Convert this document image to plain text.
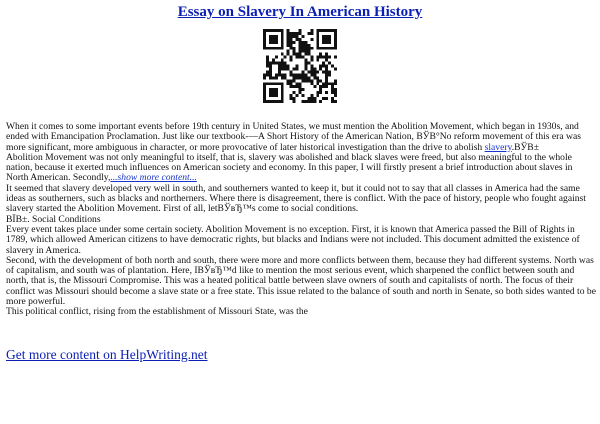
Essay on Slavery In American History

When it comes to some important events before 19th century in United States, we must mention the Abolition Movement, which began in 1930s, and ended with Emancipation Proclamation. Just like our textbook-—A Short History of the American Nation, ВЎВ°No reform movement of this era was more significant, more ambiguous in character, or more provocative of later historical investigation than the drive to abolish slavery.ВЎВ±

Abolition Movement was not only meaningful to itself, that is, slavery was abolished and black slaves were freed, but also meaningful to the whole nation, because it exerted much influences on American society and economy. In this paper, I will firstly present a brief introduction about slaves in North American. Secondly,...show more content...

It seemed that slavery developed very well in south, and southerners wanted to keep it, but it could not to say that all classes in America had the same ideas as southerners, such as blacks and northerners. Where there is disagreement, there is conflict. With the pace of history, people who fought against slavery started the Abolition Movement. First of all, letВЎвЂ™s come to social conditions.

ВЇВ±. Social Conditions

Every event takes place under some certain society. Abolition Movement is no exception. First, it is known that America passed the Bill of Rights in 1789, which allowed American citizens to have democratic rights, but blacks and Indians were not included. This document admitted the existence of slavery in America.

Second, with the development of both north and south, there were more and more conflicts between them, because they had different systems. North was of capitalism, and south was of plantation. Here, IВЎвЂ™d like to mention the most serious event, which sharpened the conflict between south and north, that is, the Missouri Compromise. This was a heated political battle between slave owners of south and capitalists of north. The focus of their conflict was Missouri should become a slave state or a free state. This issue related to the balance of south and north in Senate, so both sides wanted to be more powerful.

This political conflict, rising from the establishment of Missouri State, was the

Get more content on HelpWriting.net
